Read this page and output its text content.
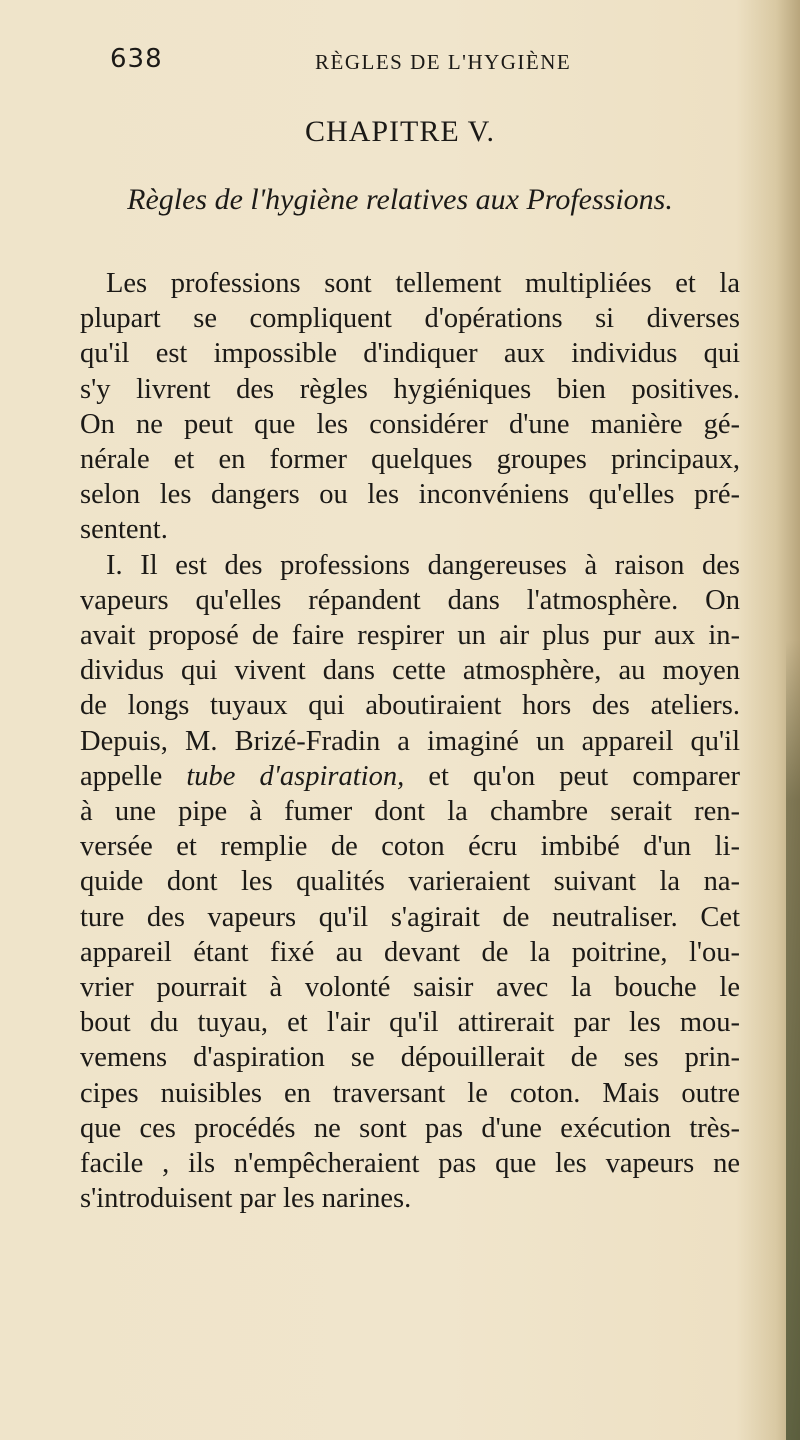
638	RÈGLES DE L'HYGIÈNE
CHAPITRE V.
Règles de l'hygiène relatives aux Professions.
Les professions sont tellement multipliées et la
plupart se compliquent d'opérations si diverses
qu'il est impossible d'indiquer aux individus qui
s'y livrent des règles hygiéniques bien positives.
On ne peut que les considérer d'une manière gé-
nérale et en former quelques groupes principaux,
selon les dangers ou les inconvéniens qu'elles pré-
sentent.
I. Il est des professions dangereuses à raison des
vapeurs qu'elles répandent dans l'atmosphère. On
avait proposé de faire respirer un air plus pur aux in-
dividus qui vivent dans cette atmosphère, au moyen
de longs tuyaux qui aboutiraient hors des ateliers.
Depuis, M. Brizé-Fradin a imaginé un appareil qu'il
appelle tube d'aspiration, et qu'on peut comparer
à une pipe à fumer dont la chambre serait ren-
versée et remplie de coton écru imbibé d'un li-
quide dont les qualités varieraient suivant la na-
ture des vapeurs qu'il s'agirait de neutraliser. Cet
appareil étant fixé au devant de la poitrine, l'ou-
vrier pourrait à volonté saisir avec la bouche le
bout du tuyau, et l'air qu'il attirerait par les mou-
vemens d'aspiration se dépouillerait de ses prin-
cipes nuisibles en traversant le coton. Mais outre
que ces procédés ne sont pas d'une exécution très-
facile , ils n'empêcheraient pas que les vapeurs ne
s'introduisent par les narines.
